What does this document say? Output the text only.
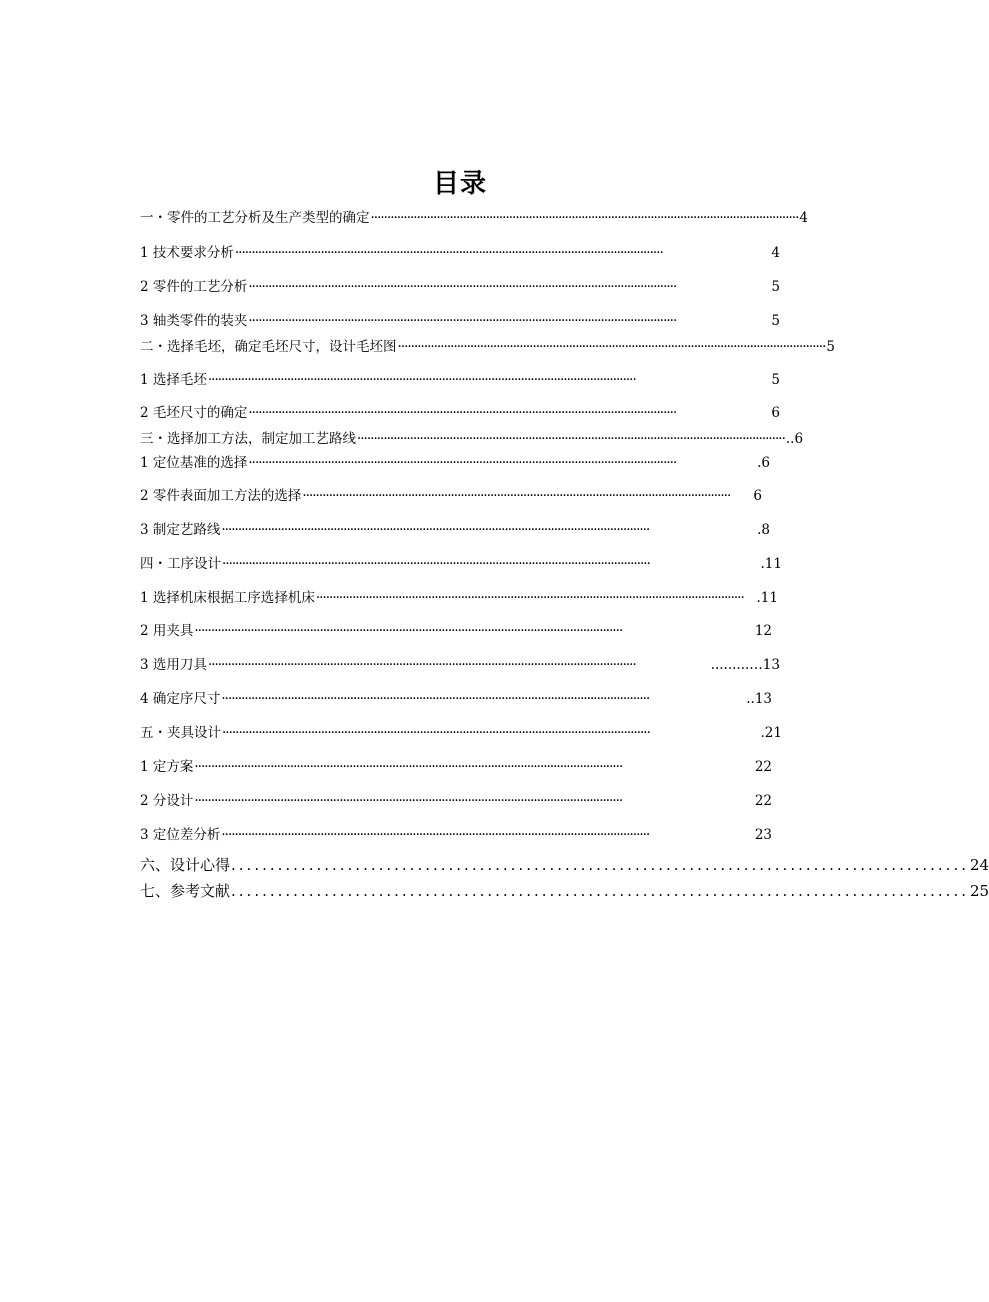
目录
一・零件的工艺分析及生产类型的确定 ·································································································································· 4
1 技术要求分析 ··································································································································	4
2 零件的工艺分析 ··································································································································	5
3 轴类零件的装夹 ··································································································································	5
二・选择毛坯，确定毛坯尺寸，设计毛坯图 ·································································································································· 5
1 选择毛坯 ··································································································································	5
2 毛坯尺寸的确定 ··································································································································	6
三・选择加工方法，制定加工艺路线 ·································································································································· ..6
1 定位基准的选择 ··································································································································	.6
2 零件表面加工方法的选择 ··································································································································	6
3 制定艺路线 ··································································································································	.8
四・工序设计 ··································································································································	.11
1 选择机床根据工序选择机床 ·································································································································· .11
2 用夹具 ··································································································································	12
3 选用刀具 ··································································································································	.........…13
4 确定序尺寸 ··································································································································	..13
五・夹具设计 ··································································································································	.21
1 定方案 ··································································································································	22
2 分设计 ··································································································································	22
3 定位差分析 ··································································································································	23
六、设计心得 ............................................................................................... 24
七、参考文献 ............................................................................................... 25
